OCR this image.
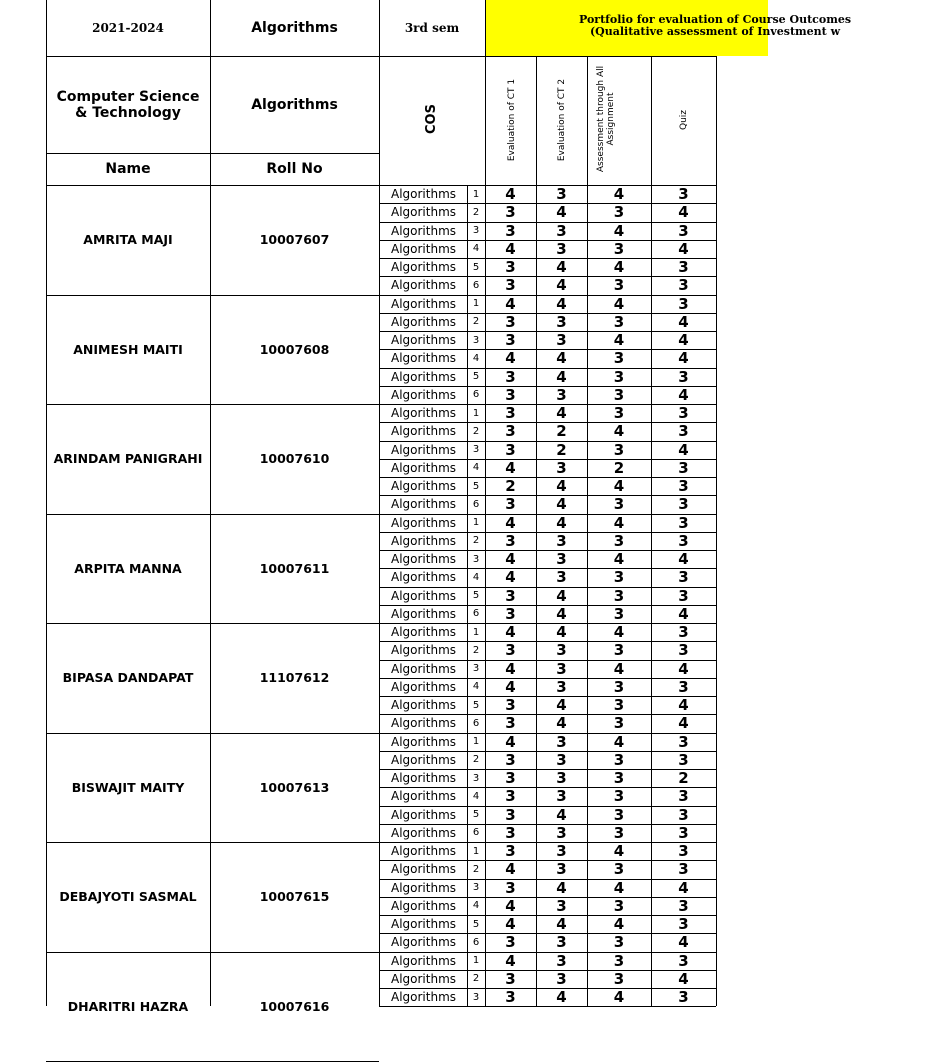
Portfolio for evaluation of Course Outcomes
(Qualitative assessment of Investment w
2021-2024	Algorithms	3rd sem
Computer Science & Technology	Algorithms
Name	Roll No
COS	Evaluation of CT 1	Evaluation of CT 2	Assessment through All Assignment	Quiz
AMRITA MAJI	10007607
Algorithms	1	4	3	4	3
Algorithms	2	3	4	3	4
Algorithms	3	3	3	4	3
Algorithms	4	4	3	3	4
Algorithms	5	3	4	4	3
Algorithms	6	3	4	3	3
ANIMESH MAITI	10007608
Algorithms	1	4	4	4	3
Algorithms	2	3	3	3	4
Algorithms	3	3	3	4	4
Algorithms	4	4	4	3	4
Algorithms	5	3	4	3	3
Algorithms	6	3	3	3	4
ARINDAM PANIGRAHI	10007610
Algorithms	1	3	4	3	3
Algorithms	2	3	2	4	3
Algorithms	3	3	2	3	4
Algorithms	4	4	3	2	3
Algorithms	5	2	4	4	3
Algorithms	6	3	4	3	3
ARPITA MANNA	10007611
Algorithms	1	4	4	4	3
Algorithms	2	3	3	3	3
Algorithms	3	4	3	4	4
Algorithms	4	4	3	3	3
Algorithms	5	3	4	3	3
Algorithms	6	3	4	3	4
BIPASA DANDAPAT	11107612
Algorithms	1	4	4	4	3
Algorithms	2	3	3	3	3
Algorithms	3	4	3	4	4
Algorithms	4	4	3	3	3
Algorithms	5	3	4	3	4
Algorithms	6	3	4	3	4
BISWAJIT MAITY	10007613
Algorithms	1	4	3	4	3
Algorithms	2	3	3	3	3
Algorithms	3	3	3	3	2
Algorithms	4	3	3	3	3
Algorithms	5	3	4	3	3
Algorithms	6	3	3	3	3
DEBAJYOTI SASMAL	10007615
Algorithms	1	3	3	4	3
Algorithms	2	4	3	3	3
Algorithms	3	3	4	4	4
Algorithms	4	4	3	3	3
Algorithms	5	4	4	4	3
Algorithms	6	3	3	3	4
DHARITRI HAZRA	10007616
Algorithms	1	4	3	3	3
Algorithms	2	3	3	3	4
Algorithms	3	3	4	4	3
